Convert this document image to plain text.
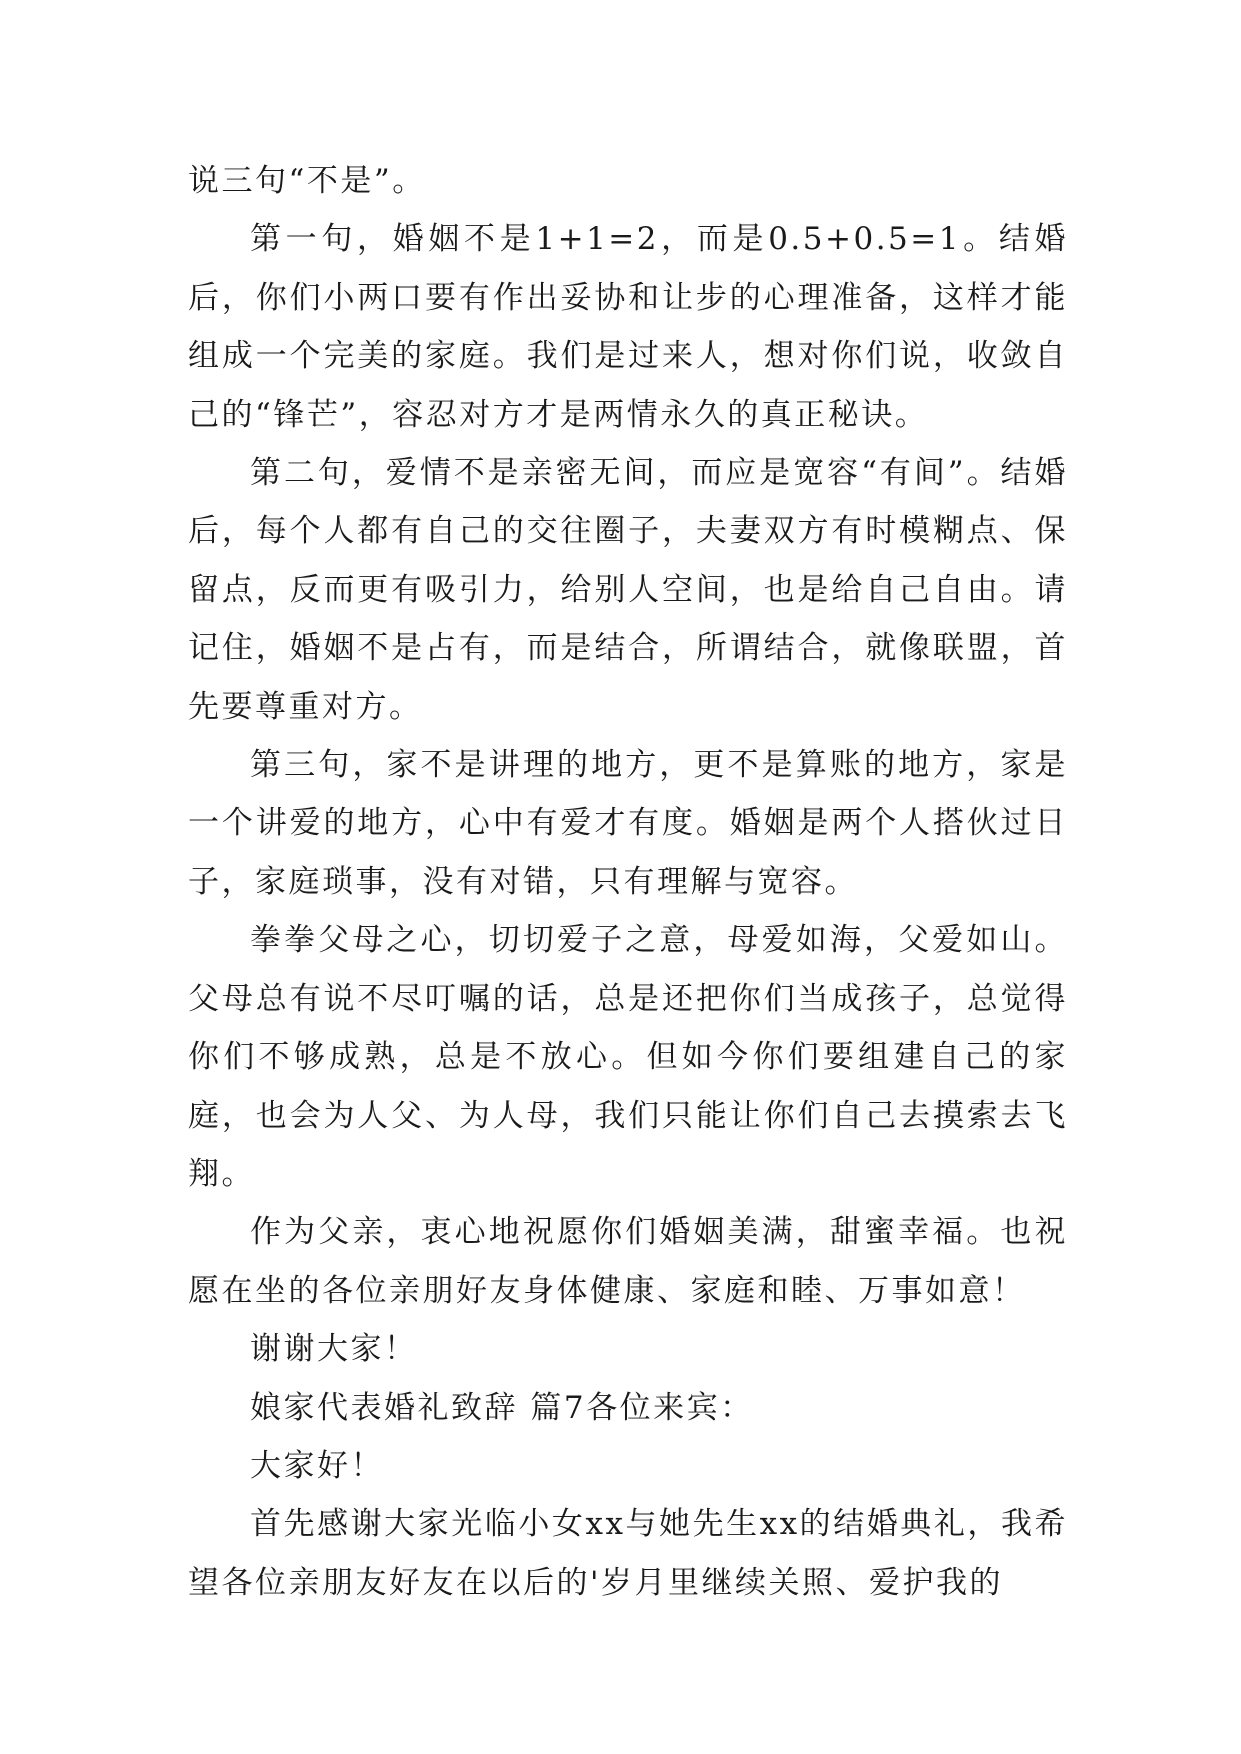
说三句“不是”。

第一句，婚姻不是1+1=2，而是0.5+0.5=1。结婚后，你们小两口要有作出妥协和让步的心理准备，这样才能组成一个完美的家庭。我们是过来人，想对你们说，收敛自己的“锋芒”，容忍对方才是两情永久的真正秘诀。

第二句，爱情不是亲密无间，而应是宽容“有间”。结婚后，每个人都有自己的交往圈子，夫妻双方有时模糊点、保留点，反而更有吸引力，给别人空间，也是给自己自由。请记住，婚姻不是占有，而是结合，所谓结合，就像联盟，首先要尊重对方。

第三句，家不是讲理的地方，更不是算账的地方，家是一个讲爱的地方，心中有爱才有度。婚姻是两个人搭伙过日子，家庭琐事，没有对错，只有理解与宽容。

拳拳父母之心，切切爱子之意，母爱如海，父爱如山。父母总有说不尽叮嘱的话，总是还把你们当成孩子，总觉得你们不够成熟，总是不放心。但如今你们要组建自己的家庭，也会为人父、为人母，我们只能让你们自己去摸索去飞翔。

作为父亲，衷心地祝愿你们婚姻美满，甜蜜幸福。也祝愿在坐的各位亲朋好友身体健康、家庭和睦、万事如意！

谢谢大家！

娘家代表婚礼致辞 篇7各位来宾：

大家好！

首先感谢大家光临小女xx与她先生xx的结婚典礼，我希望各位亲朋友好友在以后的'岁月里继续关照、爱护我的
